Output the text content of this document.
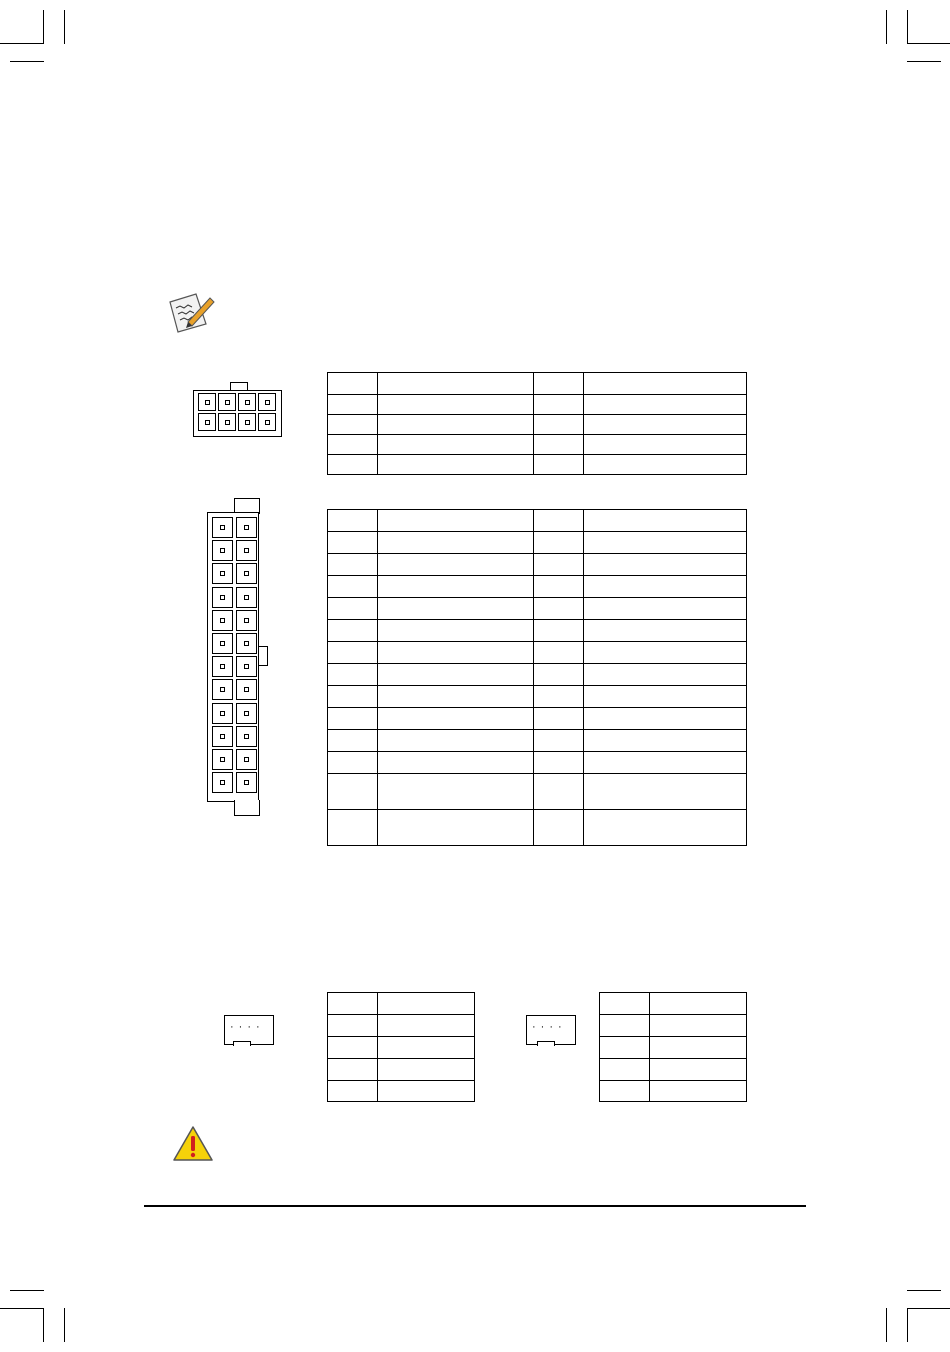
····

		····
